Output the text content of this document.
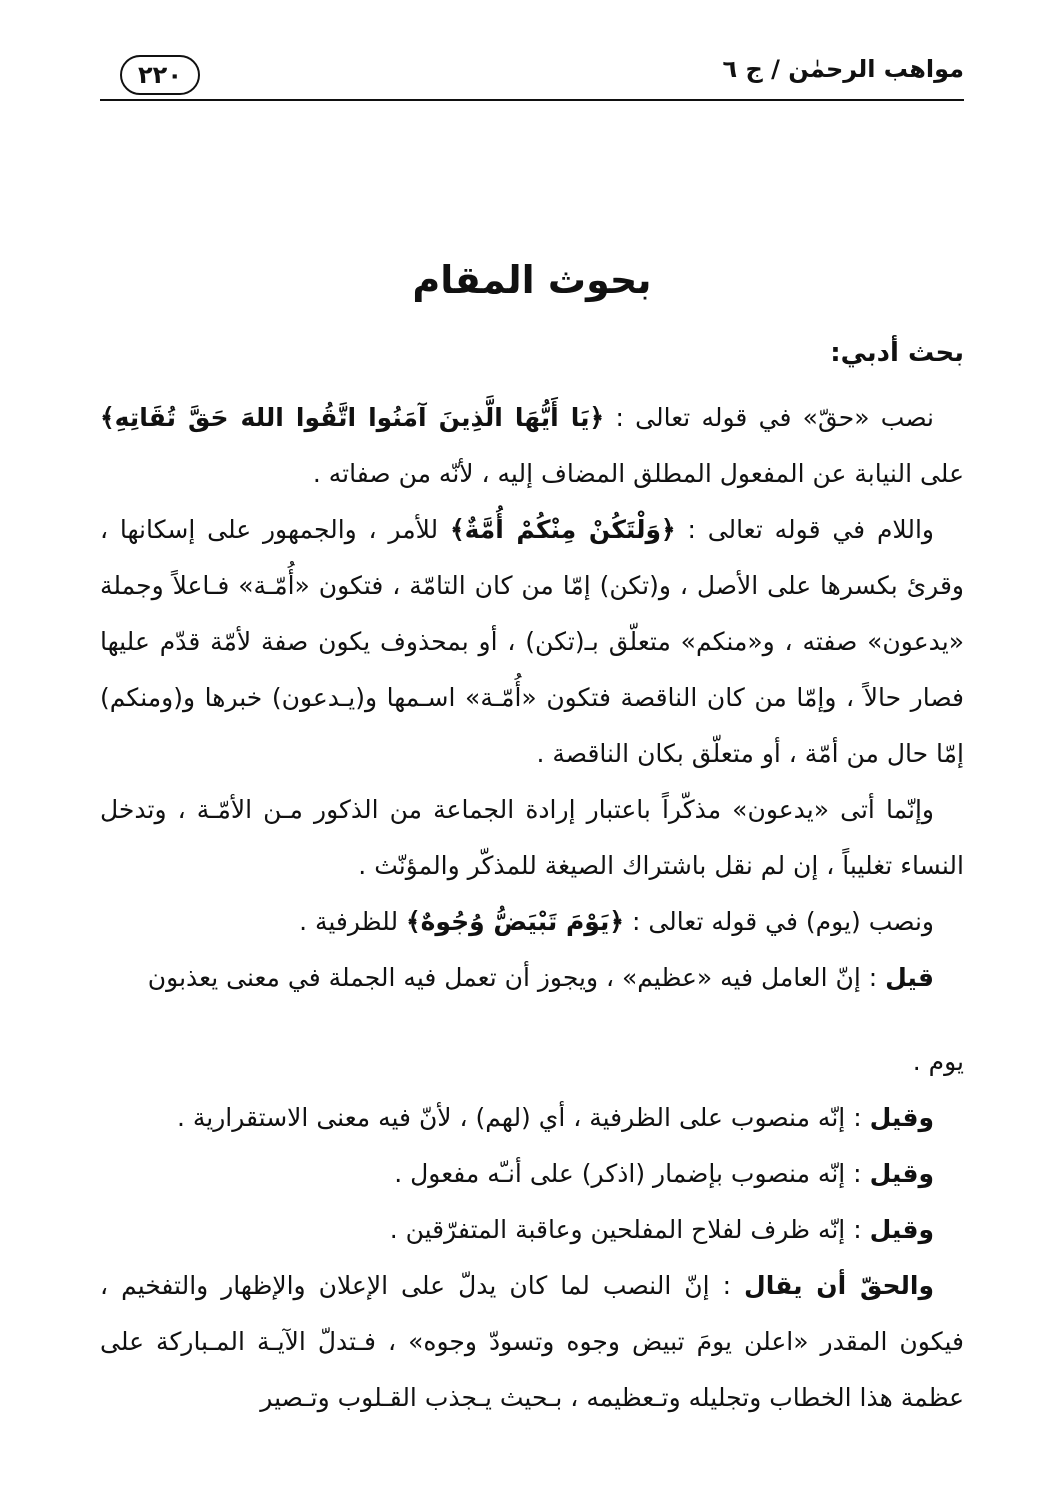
مواهب الرحمٰن / ج ٦
٢٢٠
بحوث المقام
بحث أدبي:

نصب «حقّ» في قوله تعالى : ﴿يَا أَيُّهَا الَّذِينَ آمَنُوا اتَّقُوا اللهَ حَقَّ تُقَاتِهِ﴾ على النيابة عن المفعول المطلق المضاف إليه ، لأنّه من صفاته .

واللام في قوله تعالى : ﴿وَلْتَكُنْ مِنْكُمْ أُمَّةٌ﴾ للأمر ، والجمهور على إسكانها ، وقرئ بكسرها على الأصل ، و(تكن) إمّا من كان التامّة ، فتكون «أُمّـة» فـاعلاً وجملة «يدعون» صفته ، و«منكم» متعلّق بـ(تكن) ، أو بمحذوف يكون صفة لأمّة قدّم عليها فصار حالاً ، وإمّا من كان الناقصة فتكون «أُمّـة» اسـمها و(يـدعون) خبرها و(ومنكم) إمّا حال من أمّة ، أو متعلّق بكان الناقصة .

وإنّما أتى «يدعون» مذكّراً باعتبار إرادة الجماعة من الذكور مـن الأمّـة ، وتدخل النساء تغليباً ، إن لم نقل باشتراك الصيغة للمذكّر والمؤنّث .

ونصب (يوم) في قوله تعالى : ﴿يَوْمَ تَبْيَضُّ وُجُوهٌ﴾ للظرفية .

قيل : إنّ العامل فيه «عظيم» ، ويجوز أن تعمل فيه الجملة في معنى يعذبون

يوم .

وقيل : إنّه منصوب على الظرفية ، أي (لهم) ، لأنّ فيه معنى الاستقرارية .

وقيل : إنّه منصوب بإضمار (اذكر) على أنـّه مفعول .

وقيل : إنّه ظرف لفلاح المفلحين وعاقبة المتفرّقين .

والحقّ أن يقال : إنّ النصب لما كان يدلّ على الإعلان والإظهار والتفخيم ، فيكون المقدر «اعلن يومَ تبيض وجوه وتسودّ وجوه» ، فـتدلّ الآيـة المـباركة على عظمة هذا الخطاب وتجليله وتـعظيمه ، بـحيث يـجذب القـلوب وتـصير
